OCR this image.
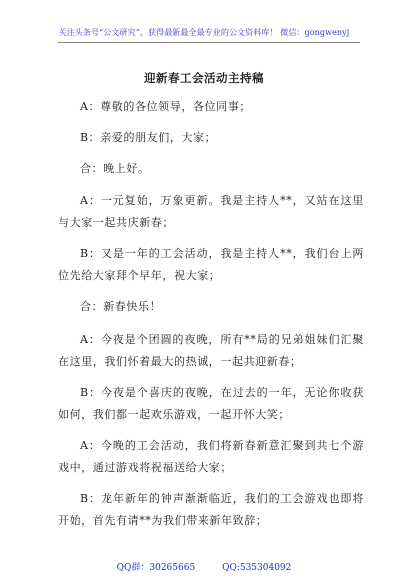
关注头条号“公文研究”，获得最新最全最专业的公文资料库！ 微信：gongwenyj
迎新春工会活动主持稿
A：尊敬的各位领导，各位同事；
B：亲爱的朋友们，大家；
合：晚上好。
A：一元复始，万象更新。我是主持人**，又站在这里与大家一起共庆新春；
B：又是一年的工会活动，我是主持人**，我们台上两位先给大家拜个早年，祝大家；
合：新春快乐！
A：今夜是个团圆的夜晚，所有**局的兄弟姐妹们汇聚在这里，我们怀着最大的热诚，一起共迎新春；
B：今夜是个喜庆的夜晚，在过去的一年，无论你收获如何，我们都一起欢乐游戏，一起开怀大笑；
A：今晚的工会活动，我们将新春新意汇聚到共七个游戏中，通过游戏将祝福送给大家；
B：龙年新年的钟声渐渐临近，我们的工会游戏也即将开始，首先有请**为我们带来新年致辞；
QQ群：30265665	QQ:535304092
